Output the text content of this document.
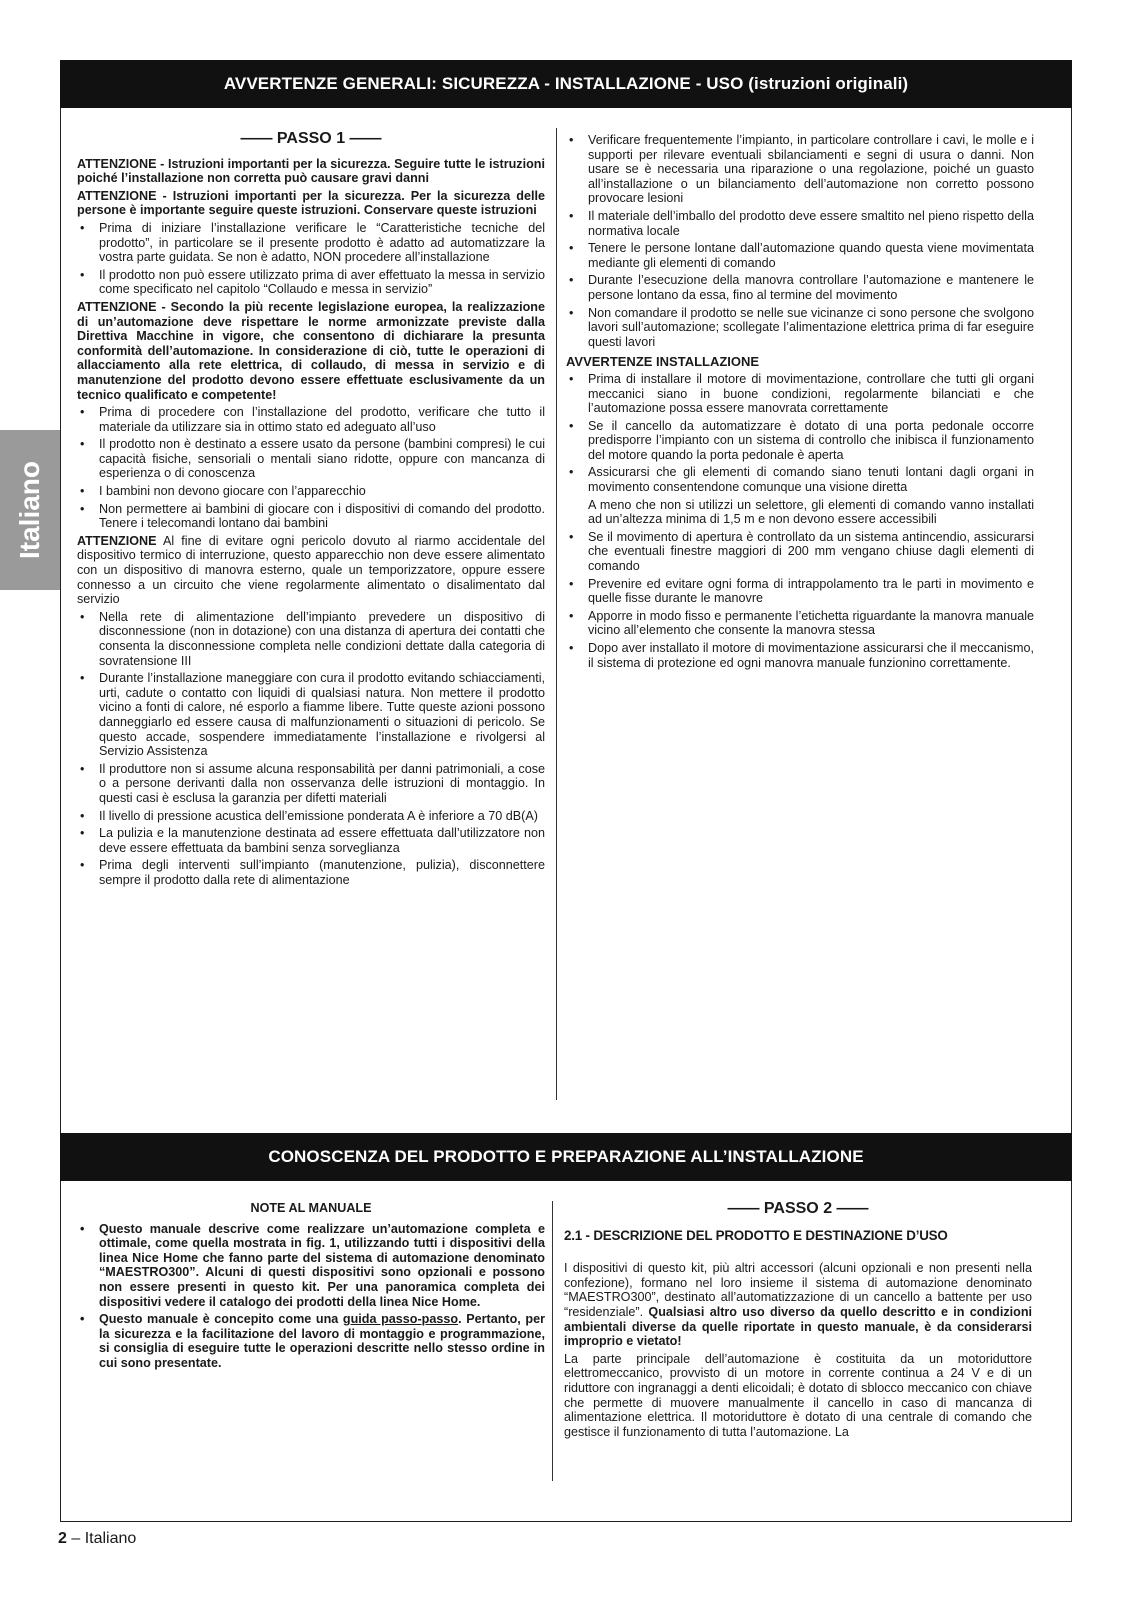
Italiano
AVVERTENZE GENERALI: SICUREZZA - INSTALLAZIONE - USO (istruzioni originali)
—— PASSO 1 ——

ATTENZIONE - Istruzioni importanti per la sicurezza. Seguire tutte le istruzioni poiché l’installazione non corretta può causare gravi danni

ATTENZIONE - Istruzioni importanti per la sicurezza. Per la sicurezza delle persone è importante seguire queste istruzioni. Conservare queste istruzioni

• Prima di iniziare l’installazione verificare le “Caratteristiche tecniche del prodotto”, in particolare se il presente prodotto è adatto ad automatizzare la vostra parte guidata. Se non è adatto, NON procedere all’installazione
• Il prodotto non può essere utilizzato prima di aver effettuato la messa in servizio come specificato nel capitolo “Collaudo e messa in servizio”

ATTENZIONE - Secondo la più recente legislazione europea, la realizzazione di un’automazione deve rispettare le norme armonizzate previste dalla Direttiva Macchine in vigore, che consentono di dichiarare la presunta conformità dell’automazione. In considerazione di ciò, tutte le operazioni di allacciamento alla rete elettrica, di collaudo, di messa in servizio e di manutenzione del prodotto devono essere effettuate esclusivamente da un tecnico qualificato e competente!

• Prima di procedere con l’installazione del prodotto, verificare che tutto il materiale da utilizzare sia in ottimo stato ed adeguato all’uso
• Il prodotto non è destinato a essere usato da persone (bambini compresi) le cui capacità fisiche, sensoriali o mentali siano ridotte, oppure con mancanza di esperienza o di conoscenza
• I bambini non devono giocare con l’apparecchio
• Non permettere ai bambini di giocare con i dispositivi di comando del prodotto. Tenere i telecomandi lontano dai bambini

ATTENZIONE Al fine di evitare ogni pericolo dovuto al riarmo accidentale del dispositivo termico di interruzione, questo apparecchio non deve essere alimentato con un dispositivo di manovra esterno, quale un temporizzatore, oppure essere connesso a un circuito che viene regolarmente alimentato o disalimentato dal servizio

• Nella rete di alimentazione dell’impianto prevedere un dispositivo di disconnessione (non in dotazione) con una distanza di apertura dei contatti che consenta la disconnessione completa nelle condizioni dettate dalla categoria di sovratensione III
• Durante l’installazione maneggiare con cura il prodotto evitando schiacciamenti, urti, cadute o contatto con liquidi di qualsiasi natura. Non mettere il prodotto vicino a fonti di calore, né esporlo a fiamme libere. Tutte queste azioni possono danneggiarlo ed essere causa di malfunzionamenti o situazioni di pericolo. Se questo accade, sospendere immediatamente l’installazione e rivolgersi al Servizio Assistenza
• Il produttore non si assume alcuna responsabilità per danni patrimoniali, a cose o a persone derivanti dalla non osservanza delle istruzioni di montaggio. In questi casi è esclusa la garanzia per difetti materiali
• Il livello di pressione acustica dell’emissione ponderata A è inferiore a 70 dB(A)
• La pulizia e la manutenzione destinata ad essere effettuata dall’utilizzatore non deve essere effettuata da bambini senza sorveglianza
• Prima degli interventi sull’impianto (manutenzione, pulizia), disconnettere sempre il prodotto dalla rete di alimentazione
• Verificare frequentemente l’impianto, in particolare controllare i cavi, le molle e i supporti per rilevare eventuali sbilanciamenti e segni di usura o danni. Non usare se è necessaria una riparazione o una regolazione, poiché un guasto all’installazione o un bilanciamento dell’automazione non corretto possono provocare lesioni
• Il materiale dell’imballo del prodotto deve essere smaltito nel pieno rispetto della normativa locale
• Tenere le persone lontane dall’automazione quando questa viene movimentata mediante gli elementi di comando
• Durante l’esecuzione della manovra controllare l’automazione e mantenere le persone lontano da essa, fino al termine del movimento
• Non comandare il prodotto se nelle sue vicinanze ci sono persone che svolgono lavori sull’automazione; scollegate l’alimentazione elettrica prima di far eseguire questi lavori
AVVERTENZE INSTALLAZIONE
• Prima di installare il motore di movimentazione, controllare che tutti gli organi meccanici siano in buone condizioni, regolarmente bilanciati e che l’automazione possa essere manovrata correttamente
• Se il cancello da automatizzare è dotato di una porta pedonale occorre predisporre l’impianto con un sistema di controllo che inibisca il funzionamento del motore quando la porta pedonale è aperta
• Assicurarsi che gli elementi di comando siano tenuti lontani dagli organi in movimento consentendone comunque una visione diretta
A meno che non si utilizzi un selettore, gli elementi di comando vanno installati ad un’altezza minima di 1,5 m e non devono essere accessibili
• Se il movimento di apertura è controllato da un sistema antincendio, assicurarsi che eventuali finestre maggiori di 200 mm vengano chiuse dagli elementi di comando
• Prevenire ed evitare ogni forma di intrappolamento tra le parti in movimento e quelle fisse durante le manovre
• Apporre in modo fisso e permanente l’etichetta riguardante la manovra manuale vicino all’elemento che consente la manovra stessa
• Dopo aver installato il motore di movimentazione assicurarsi che il meccanismo, il sistema di protezione ed ogni manovra manuale funzionino correttamente.
CONOSCENZA DEL PRODOTTO E PREPARAZIONE ALL’INSTALLAZIONE
NOTE AL MANUALE
• Questo manuale descrive come realizzare un’automazione completa e ottimale, come quella mostrata in fig. 1, utilizzando tutti i dispositivi della linea Nice Home che fanno parte del sistema di automazione denominato “MAESTRO300”. Alcuni di questi dispositivi sono opzionali e possono non essere presenti in questo kit. Per una panoramica completa dei dispositivi vedere il catalogo dei prodotti della linea Nice Home.
• Questo manuale è concepito come una guida passo-passo. Pertanto, per la sicurezza e la facilitazione del lavoro di montaggio e programmazione, si consiglia di eseguire tutte le operazioni descritte nello stesso ordine in cui sono presentate.
—— PASSO 2 ——
2.1 - DESCRIZIONE DEL PRODOTTO E DESTINAZIONE D’USO

I dispositivi di questo kit, più altri accessori (alcuni opzionali e non presenti nella confezione), formano nel loro insieme il sistema di automazione denominato “MAESTRO300”, destinato all’automatizzazione di un cancello a battente per uso “residenziale”. Qualsiasi altro uso diverso da quello descritto e in condizioni ambientali diverse da quelle riportate in questo manuale, è da considerarsi improprio e vietato!

La parte principale dell’automazione è costituita da un motoriduttore elettromeccanico, provvisto di un motore in corrente continua a 24 V e di un riduttore con ingranaggi a denti elicoidali; è dotato di sblocco meccanico con chiave che permette di muovere manualmente il cancello in caso di mancanza di alimentazione elettrica. Il motoriduttore è dotato di una centrale di comando che gestisce il funzionamento di tutta l’automazione. La

2 – Italiano
